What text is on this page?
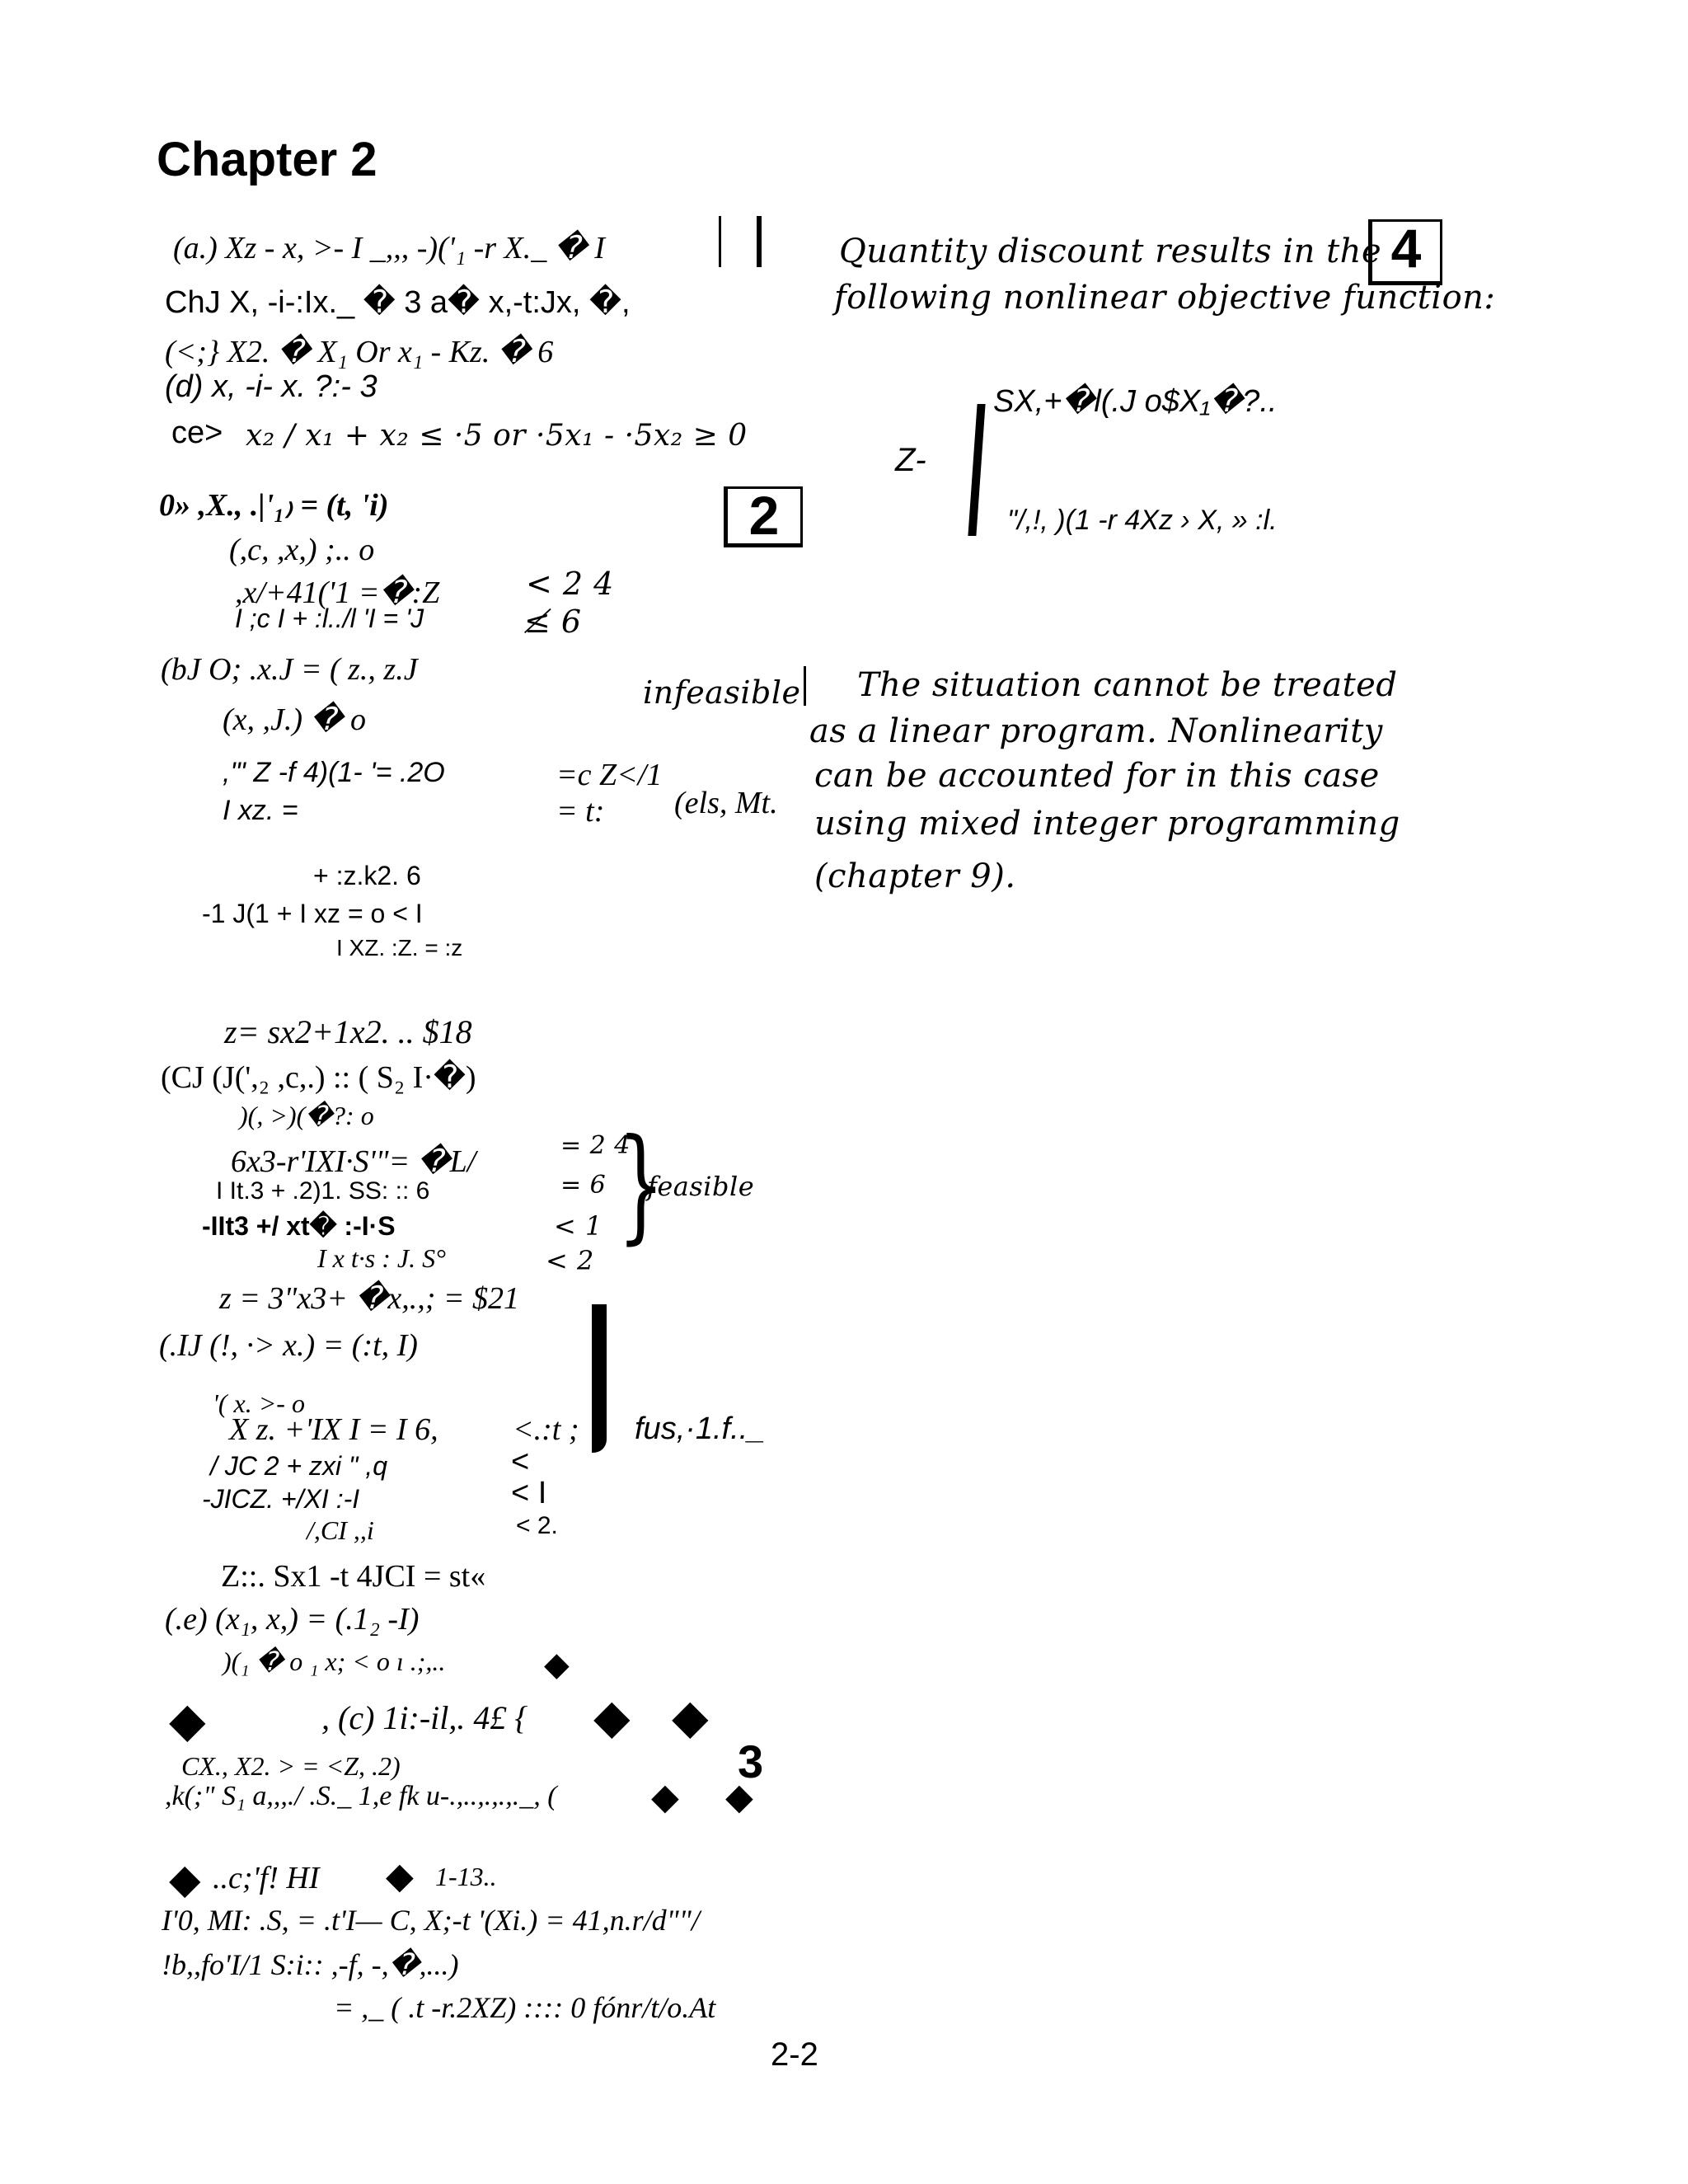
Chapter 2
(a.) Xz - x, >- I _,,, -)('₁ -r X._ � I
ChJ X, -i-:Ix._ � 3 a� x,-t:Jx, �,
(<;} X2. � X₁ Or x₁ - Kz. � 6
(d) x, -i- x. ?:- 3
ce> x₂ / x₁ + x₂ ≤ ·5 or ·5x₁ - ·5x₂ ≥ 0
0» ,X., .|'₁₎ = (t, 'i)
(,c, ,x,) ;.. o
,x/+41('1 =�:Z
I ;c I + :l../l 'I = 'J
< 2 4
≰ 6
2
(bJ O; .x.J = ( z., z.J
(x, ,J.) � o
,"' Z -f 4)(1- '= .2O
I xz. =
=c Z</1
= t: (els, Mt.
+ :z.k2. 6
-1 J(1 + I xz = o < I
I XZ. :Z. = :z
z= sx2+1x2. .. $18
(CJ (J(',₂ ,c,.) :: ( S₂ I·�)
)(, >)(�?: o
6x3-r'IXI·S'"= �L/
I It.3 + .2)1. SS: :: 6
-IIt3 +/ xt� :-I·S
I x t·s : J. S°
= 2 4
= 6
< 1
< 2
}
feasible
z = 3"x3+ �x,.,; = $21
(.IJ (!, ·> x.) = (:t, I)
'( x. >- o
X z. +'IX I = I 6, <.:t ; fus,·1.f.._
/ JC 2 + zxi " ,q
-JICZ. +/XI :-I
/,CI ,,i
<
< I
< 2.
Z::. Sx1 -t 4JCI = st«
(.e) (x₁, x,) = (.1₂ -I)
)(₁ � o ₁ x; < o ı .;,..	◆
◆	, (c) 1i:-il,. 4£ { ◆ ◆
3
CX., X2. > = <Z, .2)
,k(;" S₁ a,,,./ .S._ 1,e fk u-.,..,.,.,._, (	◆ ◆
◆ ..c;'f! HI ◆ 1-13..
I'0, MI: .S, = .t'I— C, X;-t '(Xi.) = 41,n.r/d""/
!b,,fo'I/1 S:i:: ,-f, -,�,...)
= ,_ ( .t -r.2XZ) :::: 0 fónr/t/o.At
Quantity discount results in the
following nonlinear objective function:
4
SX,+�l(.J o$X₁�?..
Z-
"/,!, )(1 -r 4Xz › X, » :l.
infeasible The situation cannot be treated
as a linear program. Nonlinearity
can be accounted for in this case
using mixed integer programming
(chapter 9).
2-2
